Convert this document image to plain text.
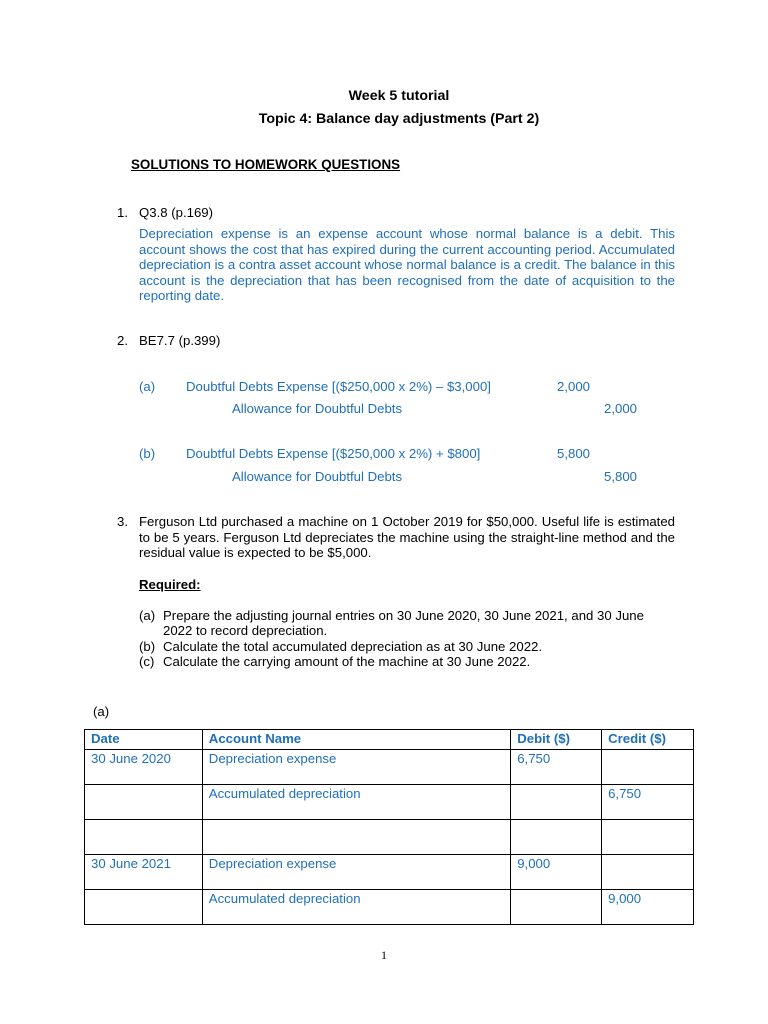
Week 5 tutorial
Topic 4: Balance day adjustments (Part 2)
SOLUTIONS TO HOMEWORK QUESTIONS
1. Q3.8 (p.169)
Depreciation expense is an expense account whose normal balance is a debit. This account shows the cost that has expired during the current accounting period. Accumulated depreciation is a contra asset account whose normal balance is a credit. The balance in this account is the depreciation that has been recognised from the date of acquisition to the reporting date.
2. BE7.7 (p.399)
(a) Doubtful Debts Expense [($250,000 x 2%) – $3,000]	2,000
Allowance for Doubtful Debts	2,000
(b) Doubtful Debts Expense [($250,000 x 2%) + $800]	5,800
Allowance for Doubtful Debts	5,800
3. Ferguson Ltd purchased a machine on 1 October 2019 for $50,000. Useful life is estimated to be 5 years. Ferguson Ltd depreciates the machine using the straight-line method and the residual value is expected to be $5,000.
Required:
(a) Prepare the adjusting journal entries on 30 June 2020, 30 June 2021, and 30 June
2022 to record depreciation.
(b) Calculate the total accumulated depreciation as at 30 June 2022.
(c) Calculate the carrying amount of the machine at 30 June 2022.
(a)
Date	Account Name	Debit ($)	Credit ($)
30 June 2020	Depreciation expense	6,750	
	Accumulated depreciation		6,750

30 June 2021	Depreciation expense	9,000	
	Accumulated depreciation		9,000
1
